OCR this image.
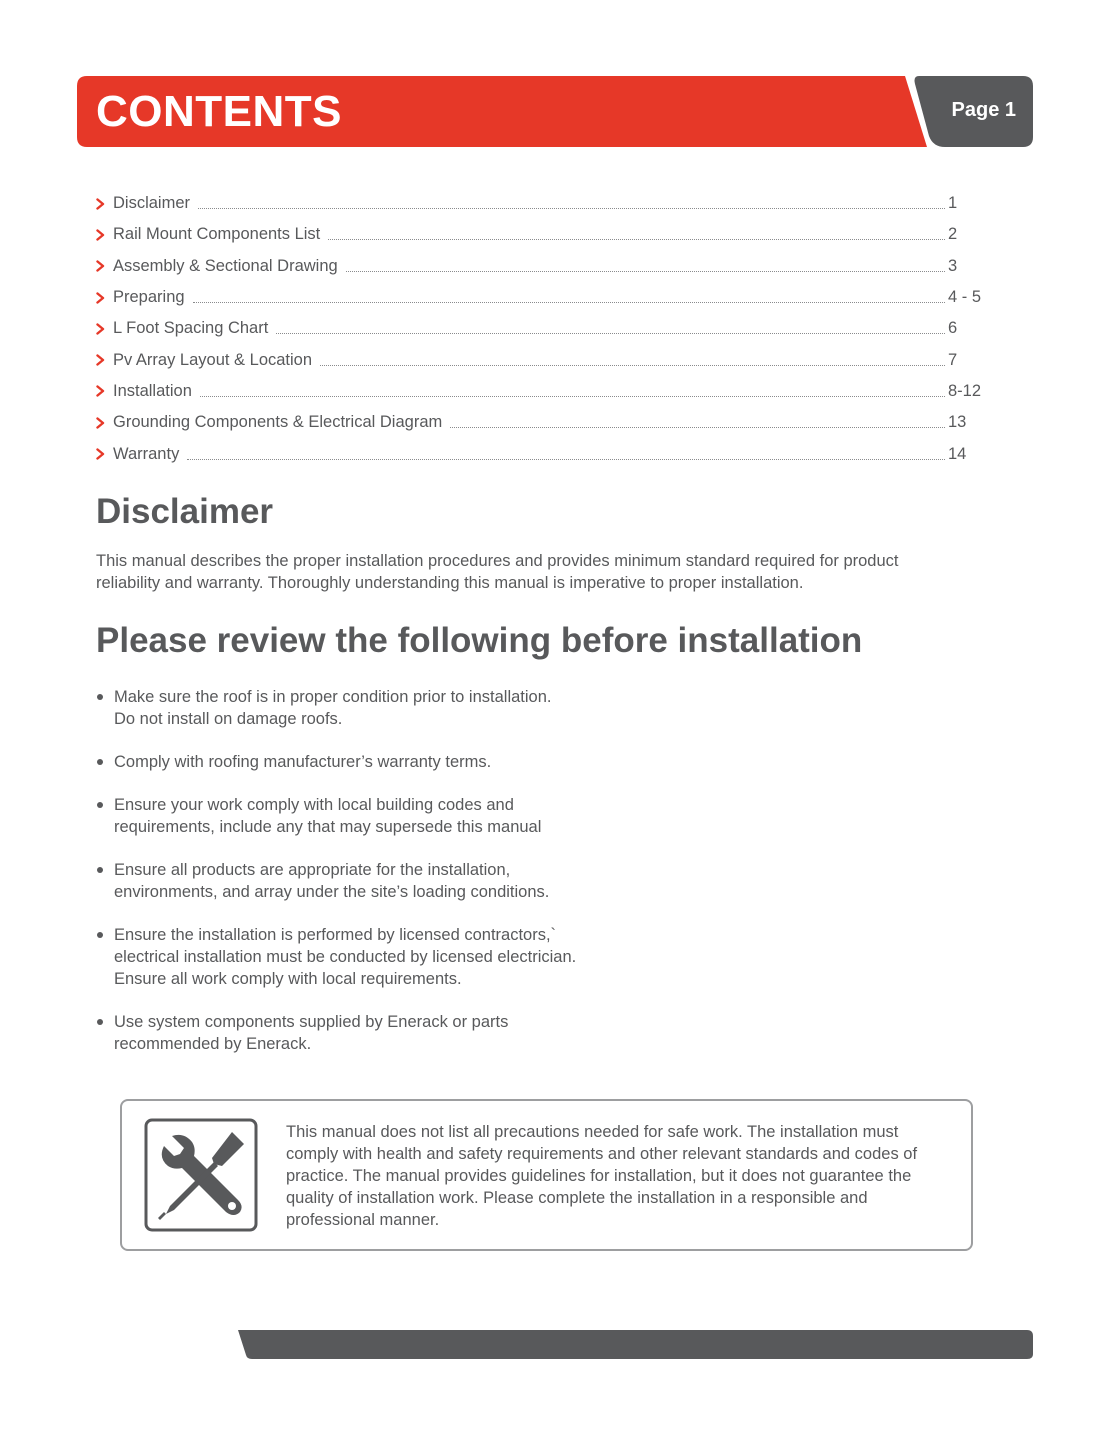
CONTENTS	Page 1
Disclaimer	1
Rail Mount Components List	2
Assembly & Sectional Drawing	3
Preparing	4 - 5
L Foot Spacing Chart	6
Pv Array Layout & Location	7
Installation	8-12
Grounding Components & Electrical Diagram	13
Warranty	14
Disclaimer

This manual describes the proper installation procedures and provides minimum standard required for product
reliability and warranty. Thoroughly understanding this manual is imperative to proper installation.

Please review the following before installation
Make sure the roof is in proper condition prior to installation.
Do not install on damage roofs.
Comply with roofing manufacturer’s warranty terms.
Ensure your work comply with local building codes and
requirements, include any that may supersede this manual
Ensure all products are appropriate for the installation,
environments, and array under the site’s loading conditions.
Ensure the installation is performed by licensed contractors,`
electrical installation must be conducted by licensed electrician.
Ensure all work comply with local requirements.
Use system components supplied by Enerack or parts
recommended by Enerack.

This manual does not list all precautions needed for safe work. The installation must
comply with health and safety requirements and other relevant standards and codes of
practice. The manual provides guidelines for installation, but it does not guarantee the
quality of installation work. Please complete the installation in a responsible and
professional manner.
